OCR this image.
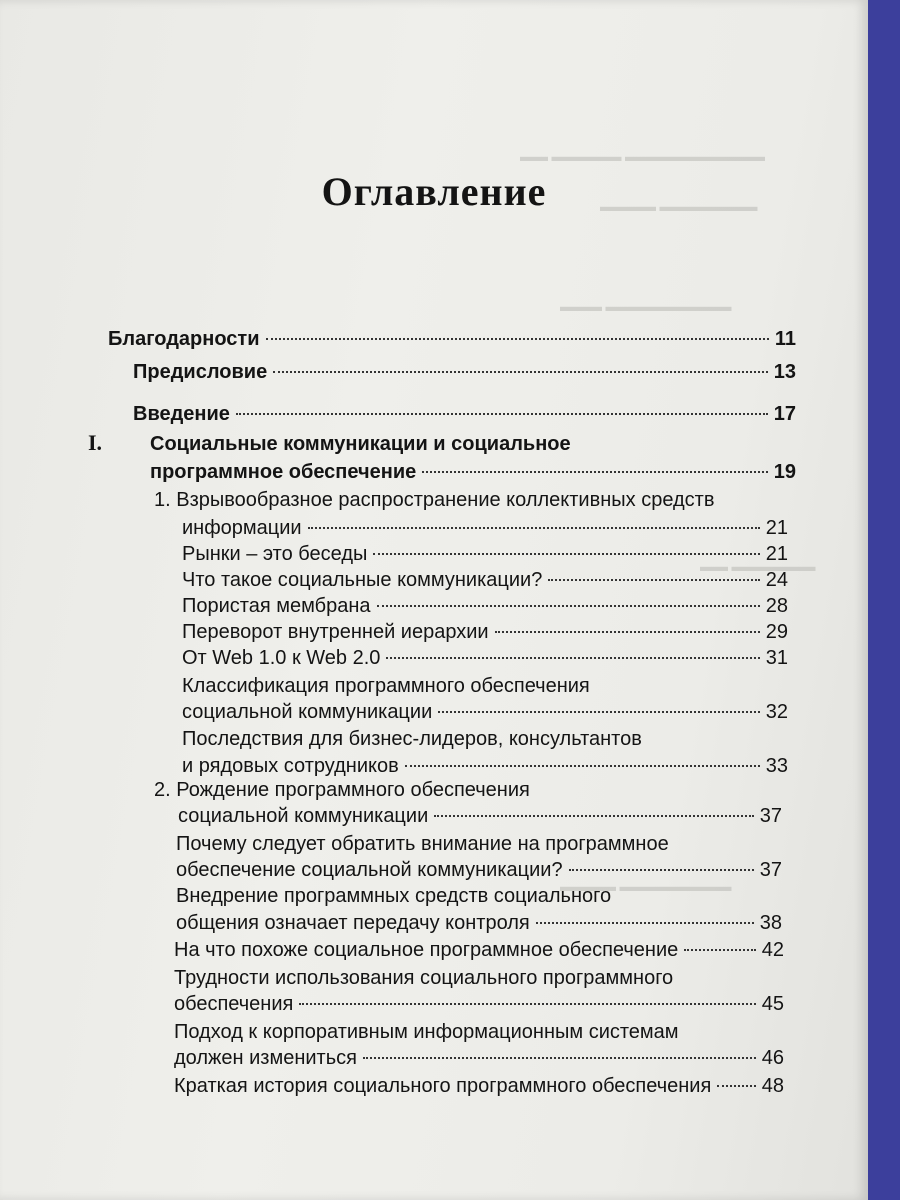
▬▬▬▬▬▬▬▬▬▬ ▬▬▬▬▬ ▬▬
▬▬▬▬▬▬▬ ▬▬▬▬
▬▬▬▬▬▬▬▬▬ ▬▬▬
▬▬▬▬▬▬ ▬▬
▬▬▬▬▬▬▬▬ ▬▬▬▬
Оглавление
Благодарности	11
Предисловие	13
Введение	17
I. Социальные коммуникации и социальное
программное обеспечение	19
1. Взрывообразное распространение коллективных средств
информации	21
Рынки – это беседы	21
Что такое социальные коммуникации?	24
Пористая мембрана	28
Переворот внутренней иерархии	29
От Web 1.0 к Web 2.0	31
Классификация программного обеспечения
социальной коммуникации	32
Последствия для бизнес-лидеров, консультантов
и рядовых сотрудников	33
2. Рождение программного обеспечения
социальной коммуникации	37
Почему следует обратить внимание на программное
обеспечение социальной коммуникации?	37
Внедрение программных средств социального
общения означает передачу контроля	38
На что похоже социальное программное обеспечение	42
Трудности использования социального программного
обеспечения	45
Подход к корпоративным информационным системам
должен измениться	46
Краткая история социального программного обеспечения	48
